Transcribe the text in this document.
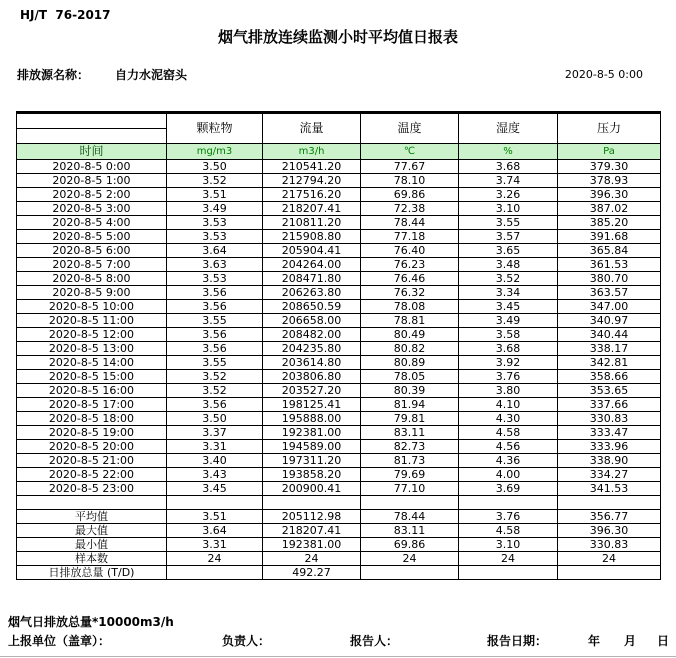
HJ/T  76-2017
烟气排放连续监测小时平均值日报表
排放源名称： 自力水泥窑头	2020-8-5 0:00
	颗粒物	流量	温度	湿度	压力

时间	mg/m3	m3/h	℃	%	Pa
2020-8-5 0:00	3.50	210541.20	77.67	3.68	379.30
2020-8-5 1:00	3.52	212794.20	78.10	3.74	378.93
2020-8-5 2:00	3.51	217516.20	69.86	3.26	396.30
2020-8-5 3:00	3.49	218207.41	72.38	3.10	387.02
2020-8-5 4:00	3.53	210811.20	78.44	3.55	385.20
2020-8-5 5:00	3.53	215908.80	77.18	3.57	391.68
2020-8-5 6:00	3.64	205904.41	76.40	3.65	365.84
2020-8-5 7:00	3.63	204264.00	76.23	3.48	361.53
2020-8-5 8:00	3.53	208471.80	76.46	3.52	380.70
2020-8-5 9:00	3.56	206263.80	76.32	3.34	363.57
2020-8-5 10:00	3.56	208650.59	78.08	3.45	347.00
2020-8-5 11:00	3.55	206658.00	78.81	3.49	340.97
2020-8-5 12:00	3.56	208482.00	80.49	3.58	340.44
2020-8-5 13:00	3.56	204235.80	80.82	3.68	338.17
2020-8-5 14:00	3.55	203614.80	80.89	3.92	342.81
2020-8-5 15:00	3.52	203806.80	78.05	3.76	358.66
2020-8-5 16:00	3.52	203527.20	80.39	3.80	353.65
2020-8-5 17:00	3.56	198125.41	81.94	4.10	337.66
2020-8-5 18:00	3.50	195888.00	79.81	4.30	330.83
2020-8-5 19:00	3.37	192381.00	83.11	4.58	333.47
2020-8-5 20:00	3.31	194589.00	82.73	4.56	333.96
2020-8-5 21:00	3.40	197311.20	81.73	4.36	338.90
2020-8-5 22:00	3.43	193858.20	79.69	4.00	334.27
2020-8-5 23:00	3.45	200900.41	77.10	3.69	341.53

平均值	3.51	205112.98	78.44	3.76	356.77
最大值	3.64	218207.41	83.11	4.58	396.30
最小值	3.31	192381.00	69.86	3.10	330.83
样本数	24	24	24	24	24
日排放总量 (T/D)		492.27			
烟气日排放总量*10000m3/h
上报单位（盖章）：	负责人：	报告人：	报告日期：	年 月 日
